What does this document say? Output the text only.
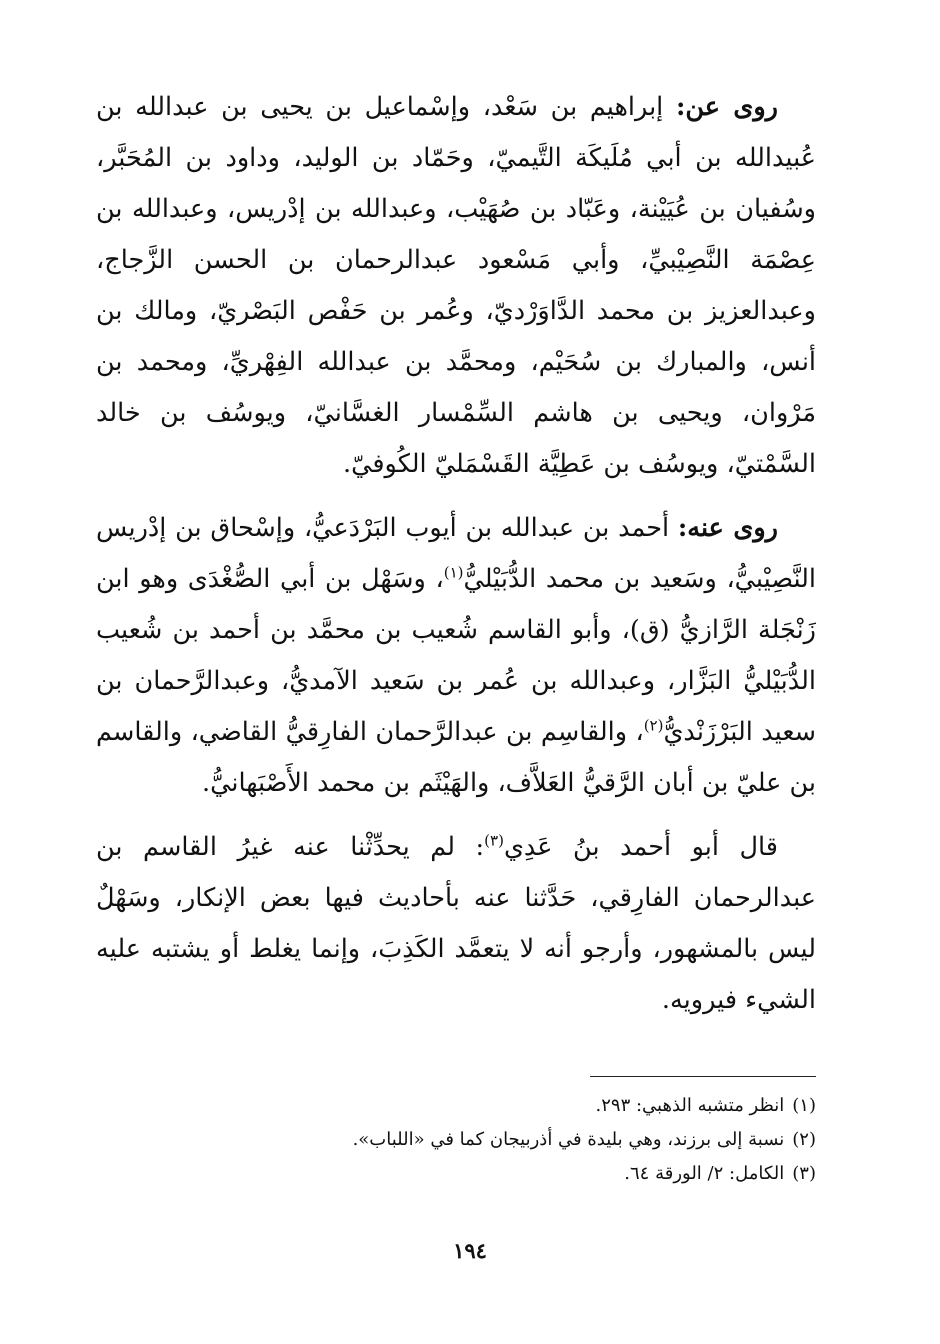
روى عن: إبراهيم بن سَعْد، وإسْماعيل بن يحيى بن عبدالله بن عُبيدالله بن أبي مُلَيكَة التَّيميّ، وحَمّاد بن الوليد، وداود بن المُحَبَّر، وسُفيان بن عُيَيْنة، وعَبّاد بن صُهَيْب، وعبدالله بن إدْريس، وعبدالله بن عِصْمَة النَّصِيْبيِّ، وأبي مَسْعود عبدالرحمان بن الحسن الزَّجاج، وعبدالعزيز بن محمد الدَّاوَرْديّ، وعُمر بن حَفْص البَصْريّ، ومالك بن أنس، والمبارك بن سُحَيْم، ومحمَّد بن عبدالله الفِهْريِّ، ومحمد بن مَرْوان، ويحيى بن هاشم السِّمْسار الغسَّانيّ، ويوسُف بن خالد السَّمْتيّ، ويوسُف بن عَطِيَّة القَسْمَليّ الكُوفيّ.

روى عنه: أحمد بن عبدالله بن أيوب البَرْدَعيُّ، وإسْحاق بن إدْريس النَّصِيْبيُّ، وسَعيد بن محمد الدُّبَيْليُّ$^{(١)}$، وسَهْل بن أبي الصُّغْدَى وهو ابن زَنْجَلة الرَّازيُّ (ق)، وأبو القاسم شُعيب بن محمَّد بن أحمد بن شُعيب الدُّبَيْليُّ البَزَّار، وعبدالله بن عُمر بن سَعيد الآمديُّ، وعبدالرَّحمان بن سعيد البَرْزَنْديُّ$^{(٢)}$، والقاسِم بن عبدالرَّحمان الفارِقيُّ القاضي، والقاسم بن عليّ بن أبان الرَّقيُّ العَلاَّف، والهَيْثَم بن محمد الأَصْبَهانيُّ.

قال أبو أحمد بنُ عَدِي$^{(٣)}$: لم يحدِّثْنا عنه غيرُ القاسم بن عبدالرحمان الفارِقي، حَدَّثنا عنه بأحاديث فيها بعض الإنكار، وسَهْلٌ ليس بالمشهور، وأرجو أنه لا يتعمَّد الكَذِبَ، وإنما يغلط أو يشتبه عليه الشيء فيرويه.

(١)انظر متشبه الذهبي: ٢٩٣.
(٢)نسبة إلى برزند، وهي بليدة في أذربيجان كما في «اللباب».
(٣)الكامل: ٢/ الورقة ٦٤.
١٩٤
